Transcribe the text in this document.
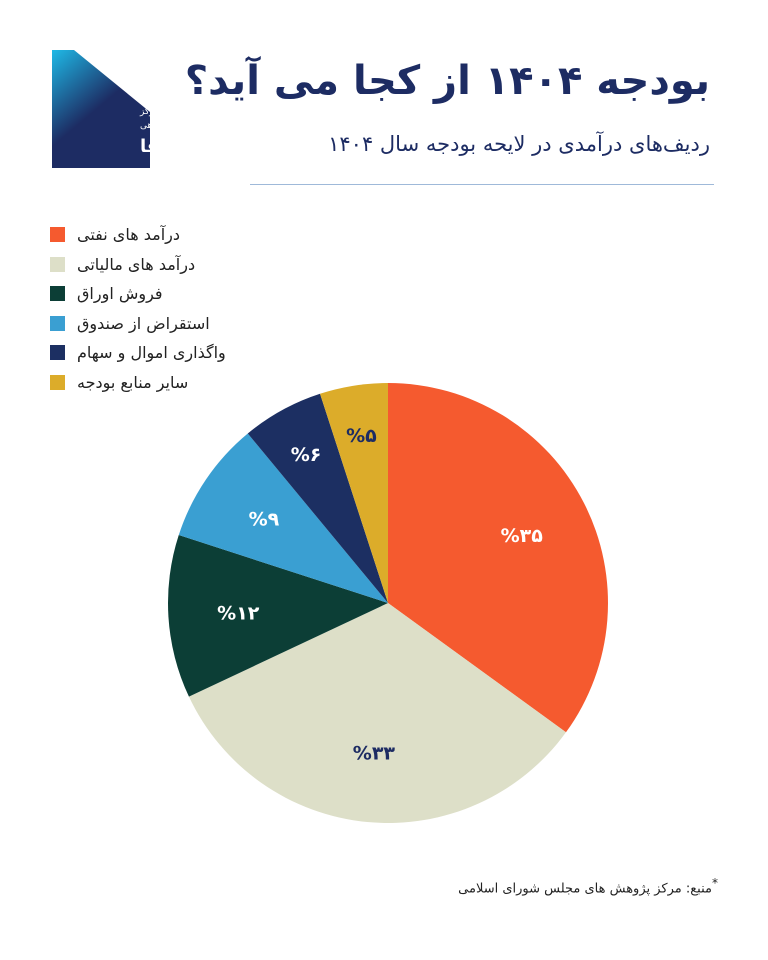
مرکز
داده‌پژوهی
زُرفا
بودجه ۱۴۰۴ از کجا می آید؟
ردیف‌های درآمدی در لایحه بودجه سال ۱۴۰۴
درآمد های نفتی
درآمد های مالیاتی
فروش اوراق
استقراض از صندوق
واگذاری اموال و سهام
سایر منابع بودجه
%۳۵
%۳۳
%۱۲
%۹
%۶
%۵
*منبع: مرکز پژوهش های مجلس شورای اسلامی
